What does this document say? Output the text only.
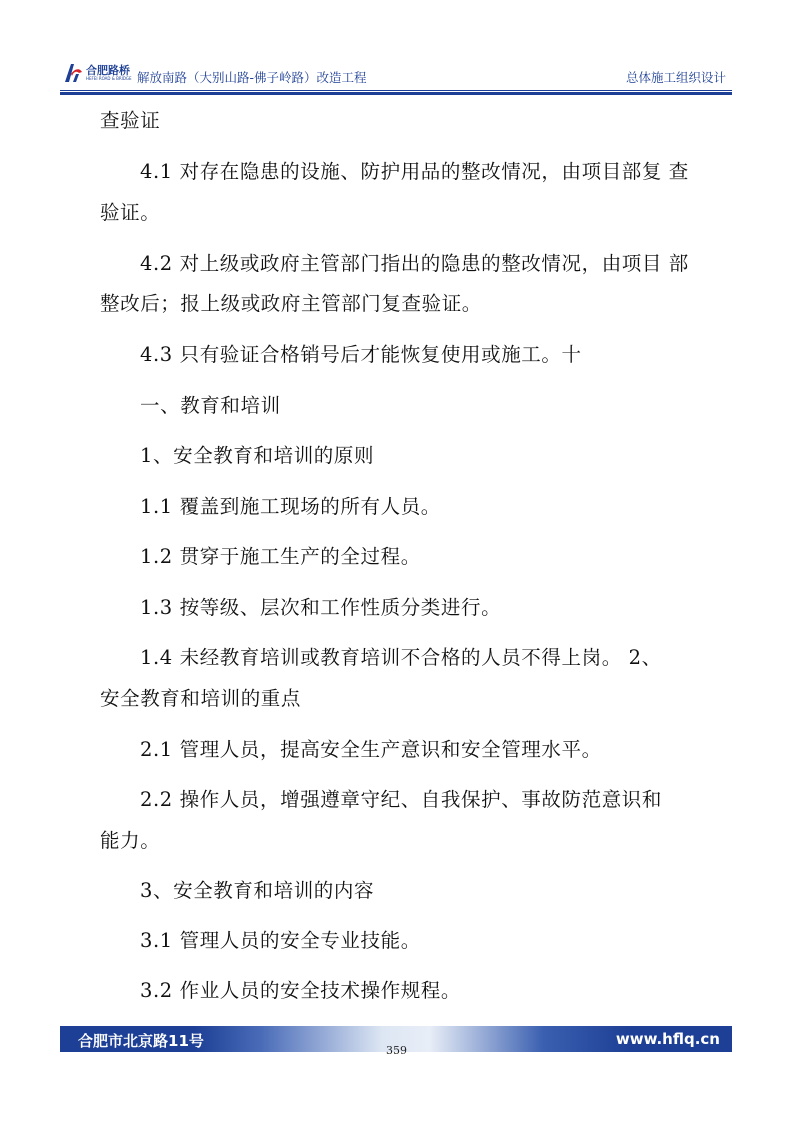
合肥路桥
HEFEI ROAD & BRIDGE 解放南路（大别山路-佛子岭路）改造工程	总体施工组织设计
查验证
4.1 对存在隐患的设施、防护用品的整改情况，由项目部复 查
验证。
4.2 对上级或政府主管部门指出的隐患的整改情况，由项目 部
整改后；报上级或政府主管部门复查验证。
4.3 只有验证合格销号后才能恢复使用或施工。十
一、教育和培训
1、安全教育和培训的原则
1.1 覆盖到施工现场的所有人员。
1.2 贯穿于施工生产的全过程。
1.3 按等级、层次和工作性质分类进行。
1.4 未经教育培训或教育培训不合格的人员不得上岗。 2、
安全教育和培训的重点
2.1 管理人员，提高安全生产意识和安全管理水平。
2.2 操作人员，增强遵章守纪、自我保护、事故防范意识和
能力。
3、安全教育和培训的内容
3.1 管理人员的安全专业技能。
3.2 作业人员的安全技术操作规程。
合肥市北京路11号	www.hflq.cn
359
